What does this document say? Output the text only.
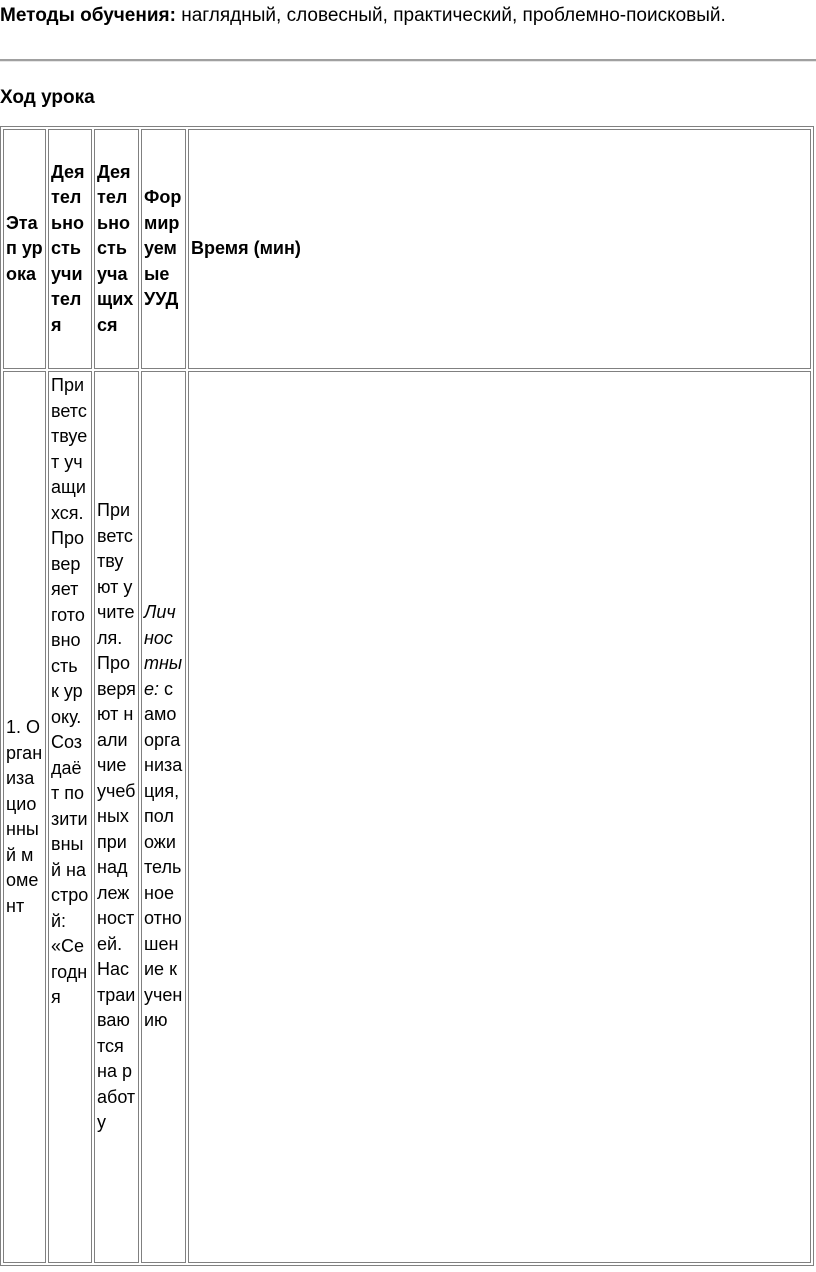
Методы обучения: наглядный, словесный, практический, проблемно-поисковый.
Ход урока
Этап урока	Деятельность учителя	Деятельность учащихся	Формируемые УУД	Время (мин)
1. Организационный момент	Приветствует учащихся. Проверяет готовность к уроку. Создаёт позитивный настрой: «Сегодня	Приветствуют учителя. Проверяют наличие учебных принадлежностей. Настраиваются на работу	Личностные: самоорганизация, положительное отношение к учению	
